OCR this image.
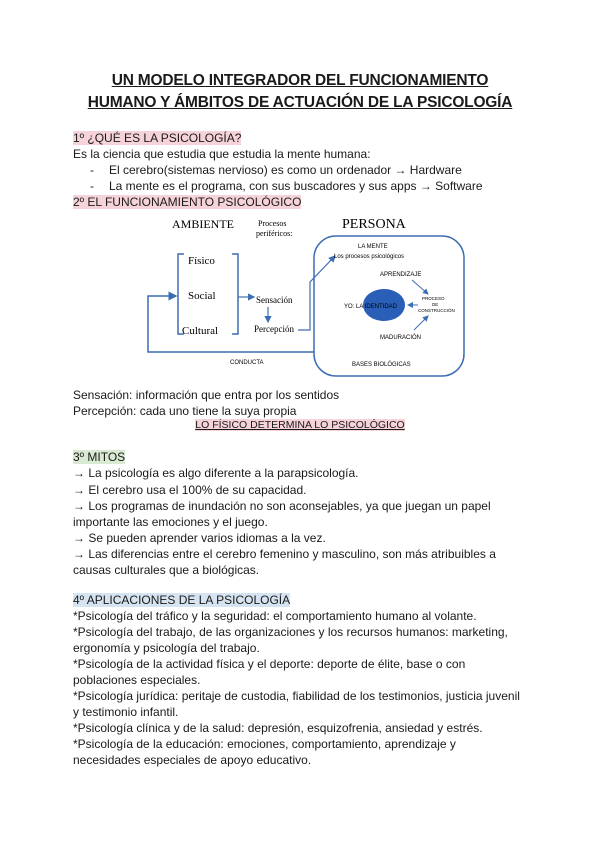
UN MODELO INTEGRADOR DEL FUNCIONAMIENTO
HUMANO Y ÁMBITOS DE ACTUACIÓN DE LA PSICOLOGÍA
1º ¿QUÉ ES LA PSICOLOGÍA?
Es la ciencia que estudia que estudia la mente humana:
- El cerebro(sistemas nervioso) es como un ordenador → Hardware
- La mente es el programa, con sus buscadores y sus apps → Software
2º EL FUNCIONAMIENTO PSICOLÓGICO
AMBIENTE	Procesos
periféricos:
PERSONA
Físico
Social
Cultural
Sensación
Percepción
CONDUCTA
LA MENTE
Los procesos psicológicos
APRENDIZAJE
YO: LA IDENTIDAD
PROCESO
DE
CONSTRUCCIÓN
MADURACIÓN
BASES BIOLÓGICAS
Sensación: información que entra por los sentidos
Percepción: cada uno tiene la suya propia
LO FÍSICO DETERMINA LO PSICOLÓGICO
3º MITOS
→ La psicología es algo diferente a la parapsicología.
→ El cerebro usa el 100% de su capacidad.
→ Los programas de inundación no son aconsejables, ya que juegan un papel
importante las emociones y el juego.
→ Se pueden aprender varios idiomas a la vez.
→ Las diferencias entre el cerebro femenino y masculino, son más atribuibles a
causas culturales que a biológicas.
4º APLICACIONES DE LA PSICOLOGÍA
*Psicología del tráfico y la seguridad: el comportamiento humano al volante.
*Psicología del trabajo, de las organizaciones y los recursos humanos: marketing,
ergonomía y psicología del trabajo.
*Psicología de la actividad física y el deporte: deporte de élite, base o con
poblaciones especiales.
*Psicología jurídica: peritaje de custodia, fiabilidad de los testimonios, justicia juvenil
y testimonio infantil.
*Psicología clínica y de la salud: depresión, esquizofrenia, ansiedad y estrés.
*Psicología de la educación: emociones, comportamiento, aprendizaje y
necesidades especiales de apoyo educativo.
